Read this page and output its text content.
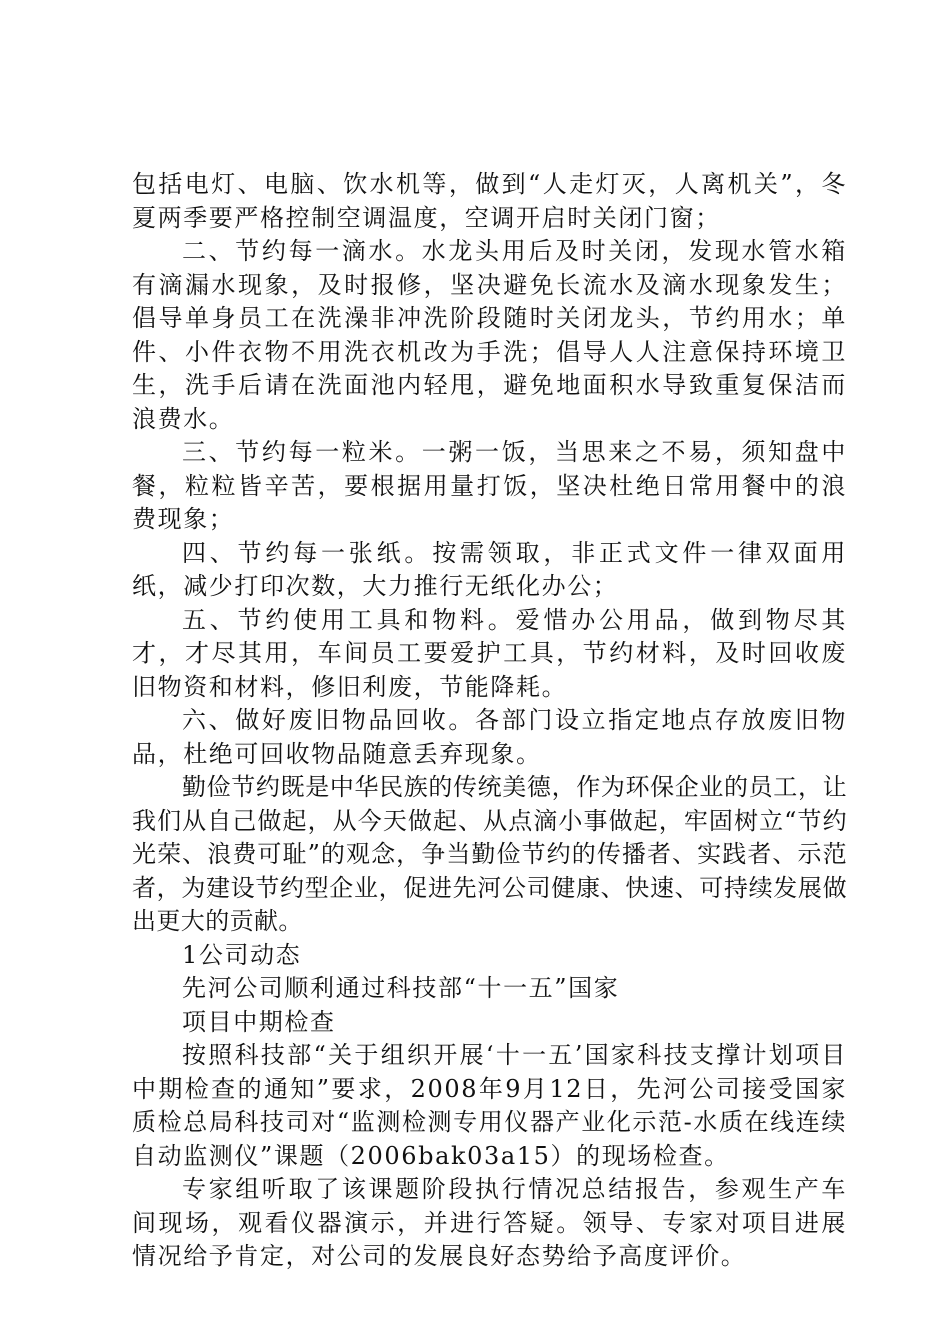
包括电灯、电脑、饮水机等，做到“人走灯灭，人离机关”，冬夏两季要严格控制空调温度，空调开启时关闭门窗；

二、节约每一滴水。水龙头用后及时关闭，发现水管水箱有滴漏水现象，及时报修，坚决避免长流水及滴水现象发生；倡导单身员工在洗澡非冲洗阶段随时关闭龙头，节约用水；单件、小件衣物不用洗衣机改为手洗；倡导人人注意保持环境卫生，洗手后请在洗面池内轻甩，避免地面积水导致重复保洁而浪费水。

三、节约每一粒米。一粥一饭，当思来之不易，须知盘中餐，粒粒皆辛苦，要根据用量打饭，坚决杜绝日常用餐中的浪费现象；

四、节约每一张纸。按需领取，非正式文件一律双面用纸，减少打印次数，大力推行无纸化办公；

五、节约使用工具和物料。爱惜办公用品，做到物尽其才，才尽其用，车间员工要爱护工具，节约材料，及时回收废旧物资和材料，修旧利废，节能降耗。

六、做好废旧物品回收。各部门设立指定地点存放废旧物品，杜绝可回收物品随意丢弃现象。

勤俭节约既是中华民族的传统美德，作为环保企业的员工，让我们从自己做起，从今天做起、从点滴小事做起，牢固树立“节约光荣、浪费可耻”的观念，争当勤俭节约的传播者、实践者、示范者，为建设节约型企业，促进先河公司健康、快速、可持续发展做出更大的贡献。

1公司动态

先河公司顺利通过科技部“十一五”国家

项目中期检查

按照科技部“关于组织开展‘十一五’国家科技支撑计划项目中期检查的通知”要求，2008年9月12日，先河公司接受国家质检总局科技司对“监测检测专用仪器产业化示范-水质在线连续自动监测仪”课题（2006bak03a15）的现场检查。

专家组听取了该课题阶段执行情况总结报告，参观生产车间现场，观看仪器演示，并进行答疑。领导、专家对项目进展情况给予肯定，对公司的发展良好态势给予高度评价。
